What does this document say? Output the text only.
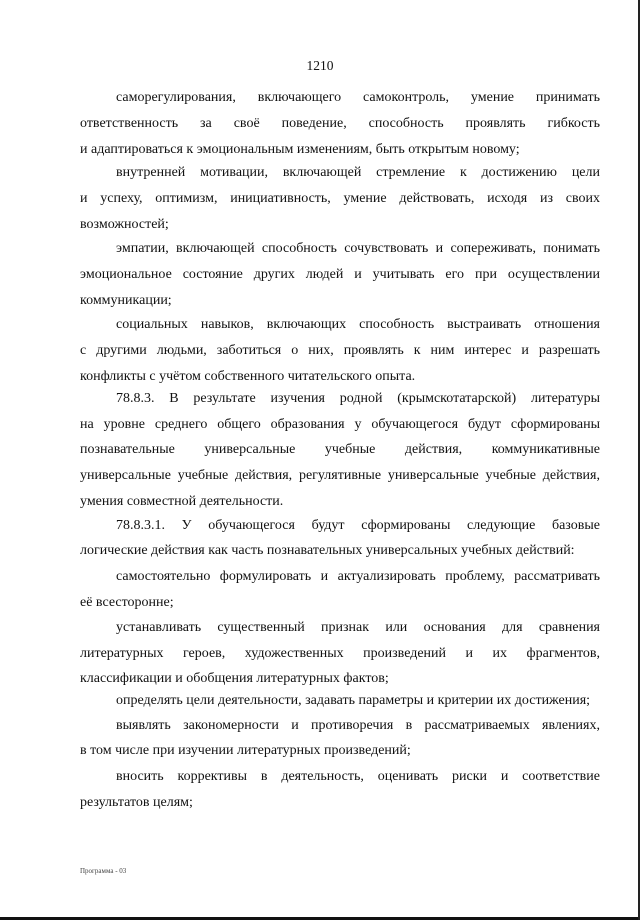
1210
саморегулирования, включающего самоконтроль, умение принимать
ответственность за своё поведение, способность проявлять гибкость
и адаптироваться к эмоциональным изменениям, быть открытым новому;
внутренней мотивации, включающей стремление к достижению цели
и успеху, оптимизм, инициативность, умение действовать, исходя из своих
возможностей;
эмпатии, включающей способность сочувствовать и сопереживать, понимать
эмоциональное состояние других людей и учитывать его при осуществлении
коммуникации;
социальных навыков, включающих способность выстраивать отношения
с другими людьми, заботиться о них, проявлять к ним интерес и разрешать
конфликты с учётом собственного читательского опыта.
78.8.3. В результате изучения родной (крымскотатарской) литературы
на уровне среднего общего образования у обучающегося будут сформированы
познавательные универсальные учебные действия, коммуникативные
универсальные учебные действия, регулятивные универсальные учебные действия,
умения совместной деятельности.
78.8.3.1. У обучающегося будут сформированы следующие базовые
логические действия как часть познавательных универсальных учебных действий:
самостоятельно формулировать и актуализировать проблему, рассматривать
её всесторонне;
устанавливать существенный признак или основания для сравнения
литературных героев, художественных произведений и их фрагментов,
классификации и обобщения литературных фактов;
определять цели деятельности, задавать параметры и критерии их достижения;
выявлять закономерности и противоречия в рассматриваемых явлениях,
в том числе при изучении литературных произведений;
вносить коррективы в деятельность, оценивать риски и соответствие
результатов целям;
Программа - 03
